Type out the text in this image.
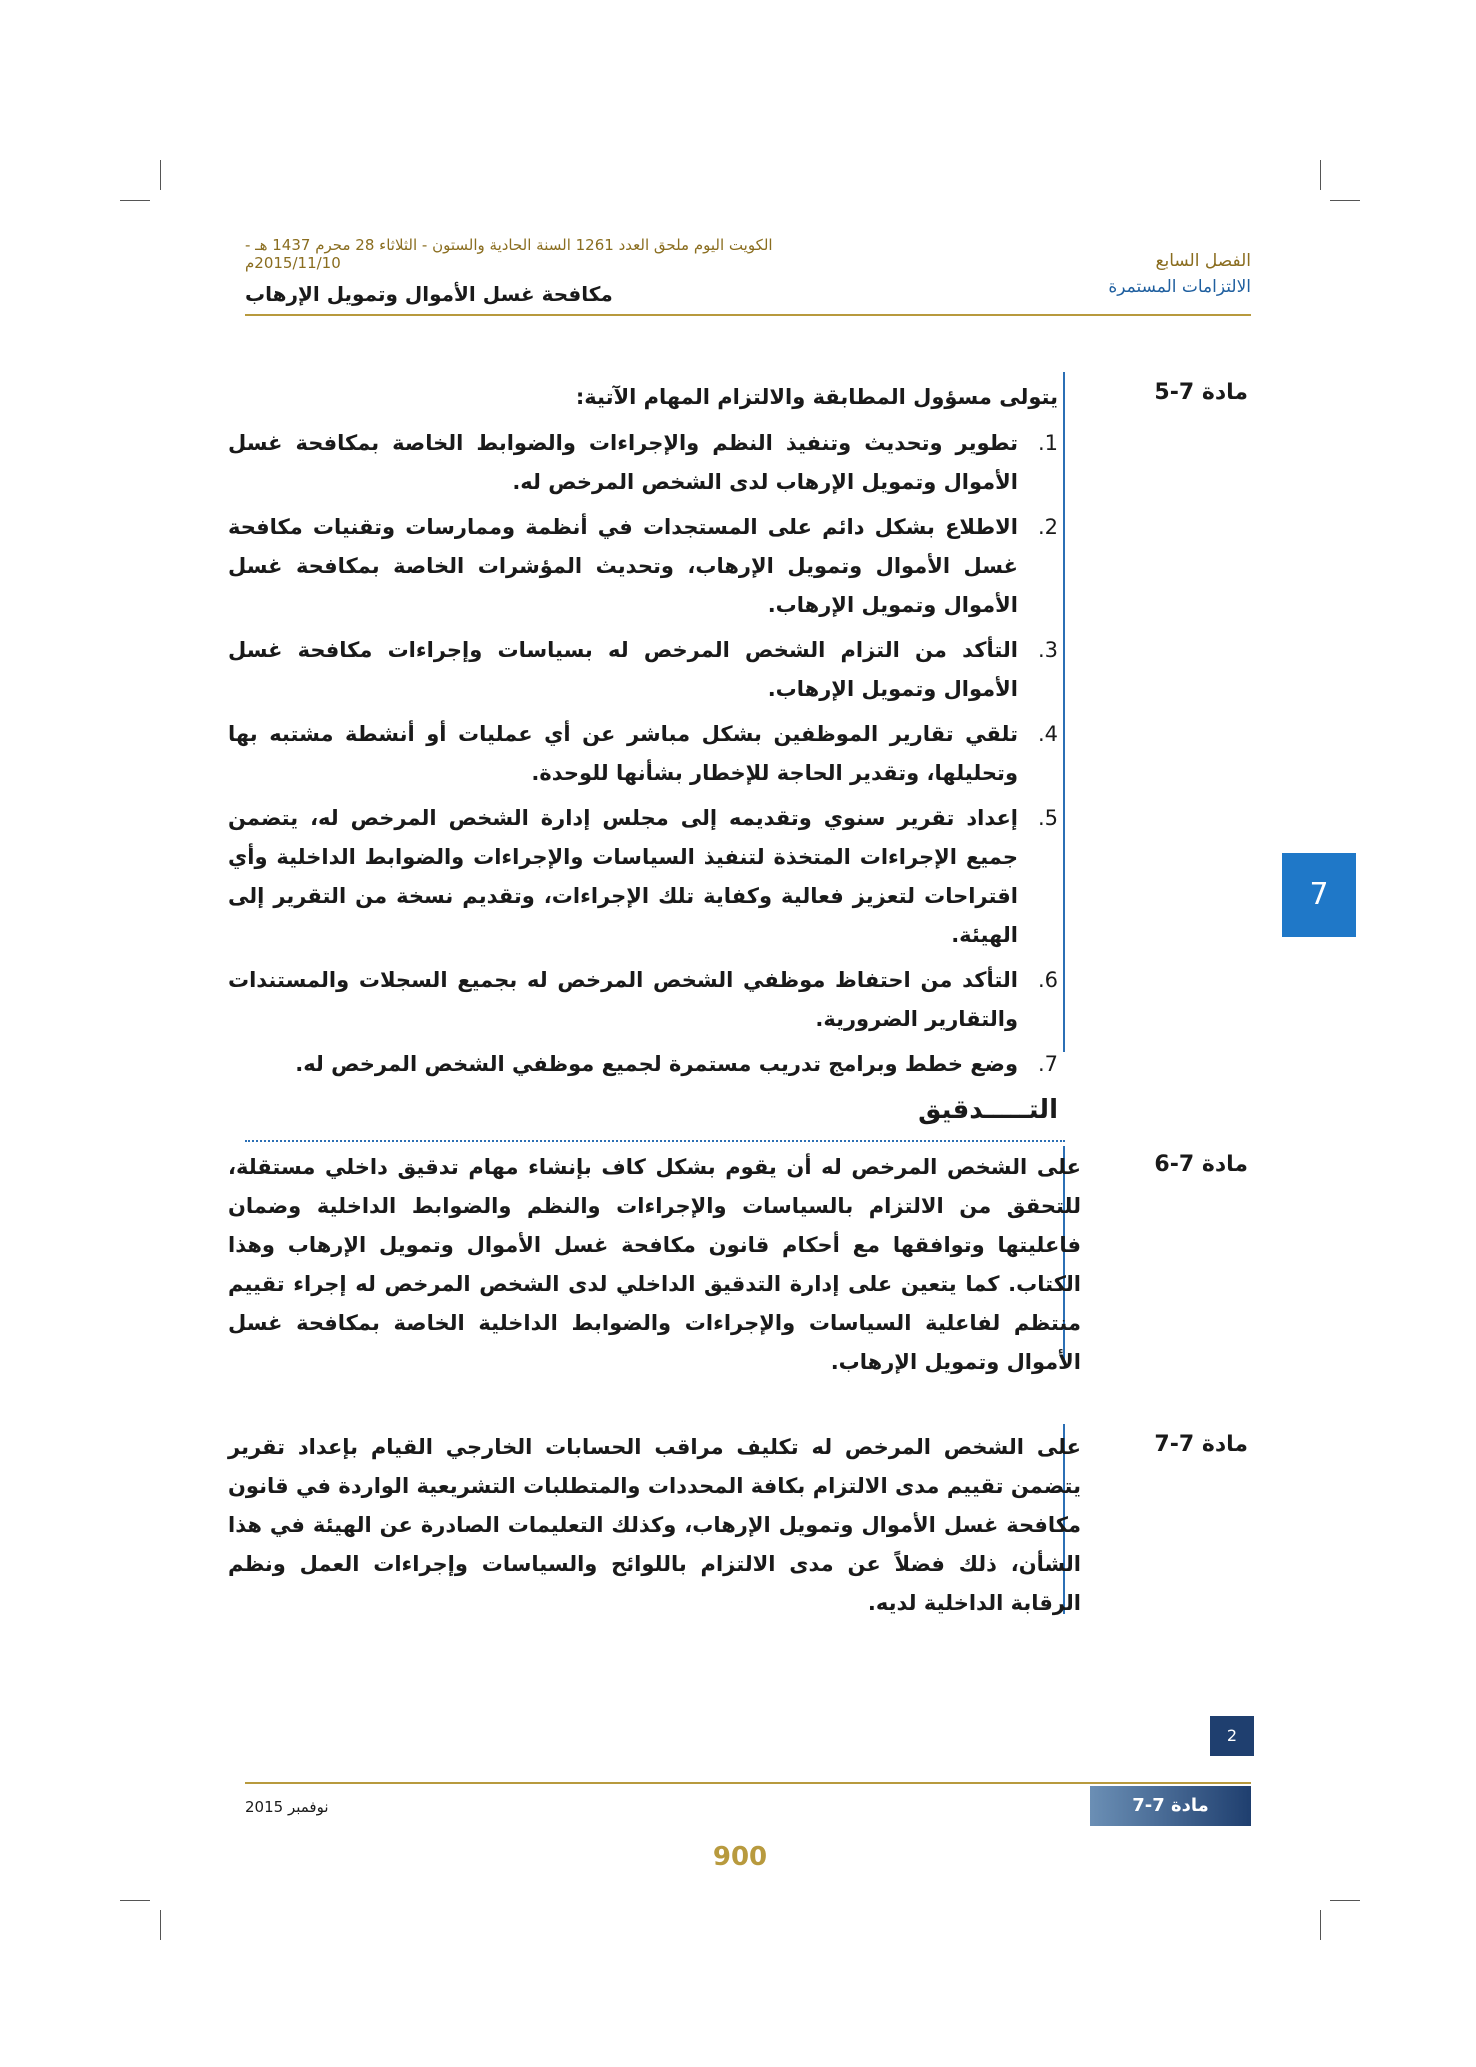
الكويت اليوم ملحق العدد 1261 السنة الحادية والستون - الثلاثاء 28 محرم 1437 هـ - 2015/11/10م	الفصل السابع
الالتزامات المستمرة
مكافحة غسل الأموال وتمويل الإرهاب
7
مادة 7-5
يتولى مسؤول المطابقة والالتزام المهام الآتية:
1.
تطوير وتحديث وتنفيذ النظم والإجراءات والضوابط الخاصة بمكافحة غسل الأموال وتمويل الإرهاب لدى الشخص المرخص له.
2.
الاطلاع بشكل دائم على المستجدات في أنظمة وممارسات وتقنيات مكافحة غسل الأموال وتمويل الإرهاب، وتحديث المؤشرات الخاصة بمكافحة غسل الأموال وتمويل الإرهاب.
3.
التأكد من التزام الشخص المرخص له بسياسات وإجراءات مكافحة غسل الأموال وتمويل الإرهاب.
4.
تلقي تقارير الموظفين بشكل مباشر عن أي عمليات أو أنشطة مشتبه بها وتحليلها، وتقدير الحاجة للإخطار بشأنها للوحدة.
5.
إعداد تقرير سنوي وتقديمه إلى مجلس إدارة الشخص المرخص له، يتضمن جميع الإجراءات المتخذة لتنفيذ السياسات والإجراءات والضوابط الداخلية وأي اقتراحات لتعزيز فعالية وكفاية تلك الإجراءات، وتقديم نسخة من التقرير إلى الهيئة.
6.
التأكد من احتفاظ موظفي الشخص المرخص له بجميع السجلات والمستندات والتقارير الضرورية.
7.
وضع خطط وبرامج تدريب مستمرة لجميع موظفي الشخص المرخص له.
التـــــدقيق
مادة 7-6
على الشخص المرخص له أن يقوم بشكل كاف بإنشاء مهام تدقيق داخلي مستقلة، للتحقق من الالتزام بالسياسات والإجراءات والنظم والضوابط الداخلية وضمان فاعليتها وتوافقها مع أحكام قانون مكافحة غسل الأموال وتمويل الإرهاب وهذا الكتاب. كما يتعين على إدارة التدقيق الداخلي لدى الشخص المرخص له إجراء تقييم منتظم لفاعلية السياسات والإجراءات والضوابط الداخلية الخاصة بمكافحة غسل الأموال وتمويل الإرهاب.
مادة 7-7
على الشخص المرخص له تكليف مراقب الحسابات الخارجي القيام بإعداد تقرير يتضمن تقييم مدى الالتزام بكافة المحددات والمتطلبات التشريعية الواردة في قانون مكافحة غسل الأموال وتمويل الإرهاب، وكذلك التعليمات الصادرة عن الهيئة في هذا الشأن، ذلك فضلاً عن مدى الالتزام باللوائح والسياسات وإجراءات العمل ونظم الرقابة الداخلية لديه.
2
نوفمبر 2015	مادة 7-7
900
